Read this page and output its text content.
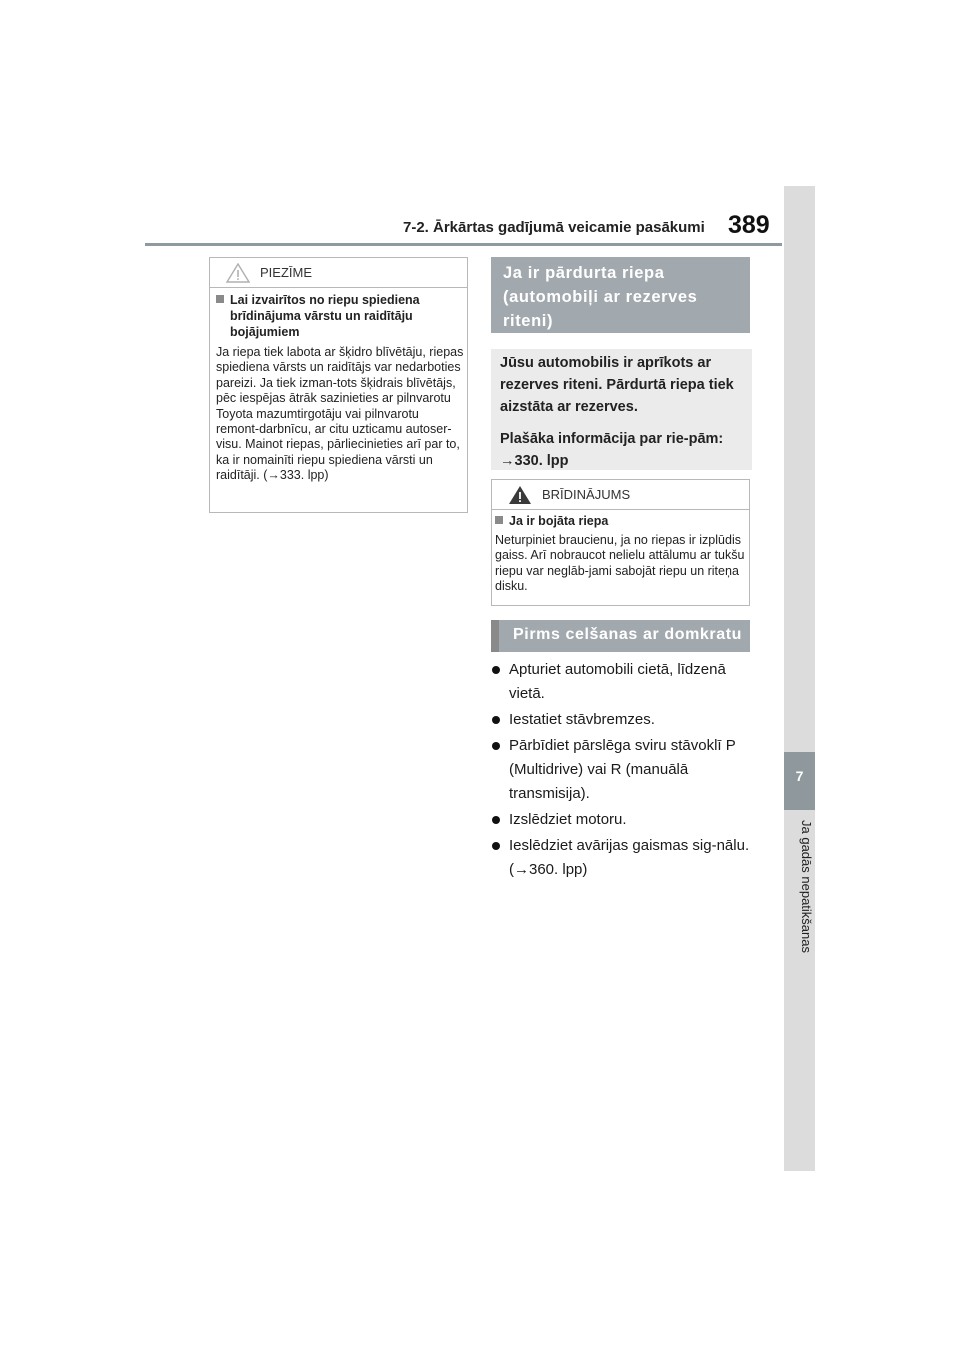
7-2. Ārkārtas gadījumā veicamie pasākumi 389
7
Ja gadās nepatikšanas
PIEZĪME
Lai izvairītos no riepu spiediena brīdinājuma vārstu un raidītāju bojājumiem
Ja riepa tiek labota ar šķidro blīvētāju, riepas spiediena vārsts un raidītājs var nedarboties pareizi. Ja tiek izman-tots šķidrais blīvētājs, pēc iespējas ātrāk sazinieties ar pilnvarotu Toyota mazumtirgotāju vai pilnvarotu remont-darbnīcu, ar citu uzticamu autoser-visu. Mainot riepas, pārliecinieties arī par to, ka ir nomainīti riepu spiediena vārsti un raidītāji. (→333. lpp)
Ja ir pārdurta riepa (automobiļi ar rezerves riteni)

Jūsu automobilis ir aprīkots ar rezerves riteni. Pārdurtā riepa tiek aizstāta ar rezerves.

Plašāka informācija par rie-pām: →330. lpp

BRĪDINĀJUMS
Ja ir bojāta riepa
Neturpiniet braucienu, ja no riepas ir izplūdis gaiss. Arī nobraucot nelielu attālumu ar tukšu riepu var neglāb-jami sabojāt riepu un riteņa disku.
Pirms celšanas ar domkratu
Apturiet automobili cietā, līdzenā vietā.
Iestatiet stāvbremzes.
Pārbīdiet pārslēga sviru stāvoklī P (Multidrive) vai R (manuālā transmisija).
Izslēdziet motoru.
Ieslēdziet avārijas gaismas sig-nālu. (→360. lpp)
